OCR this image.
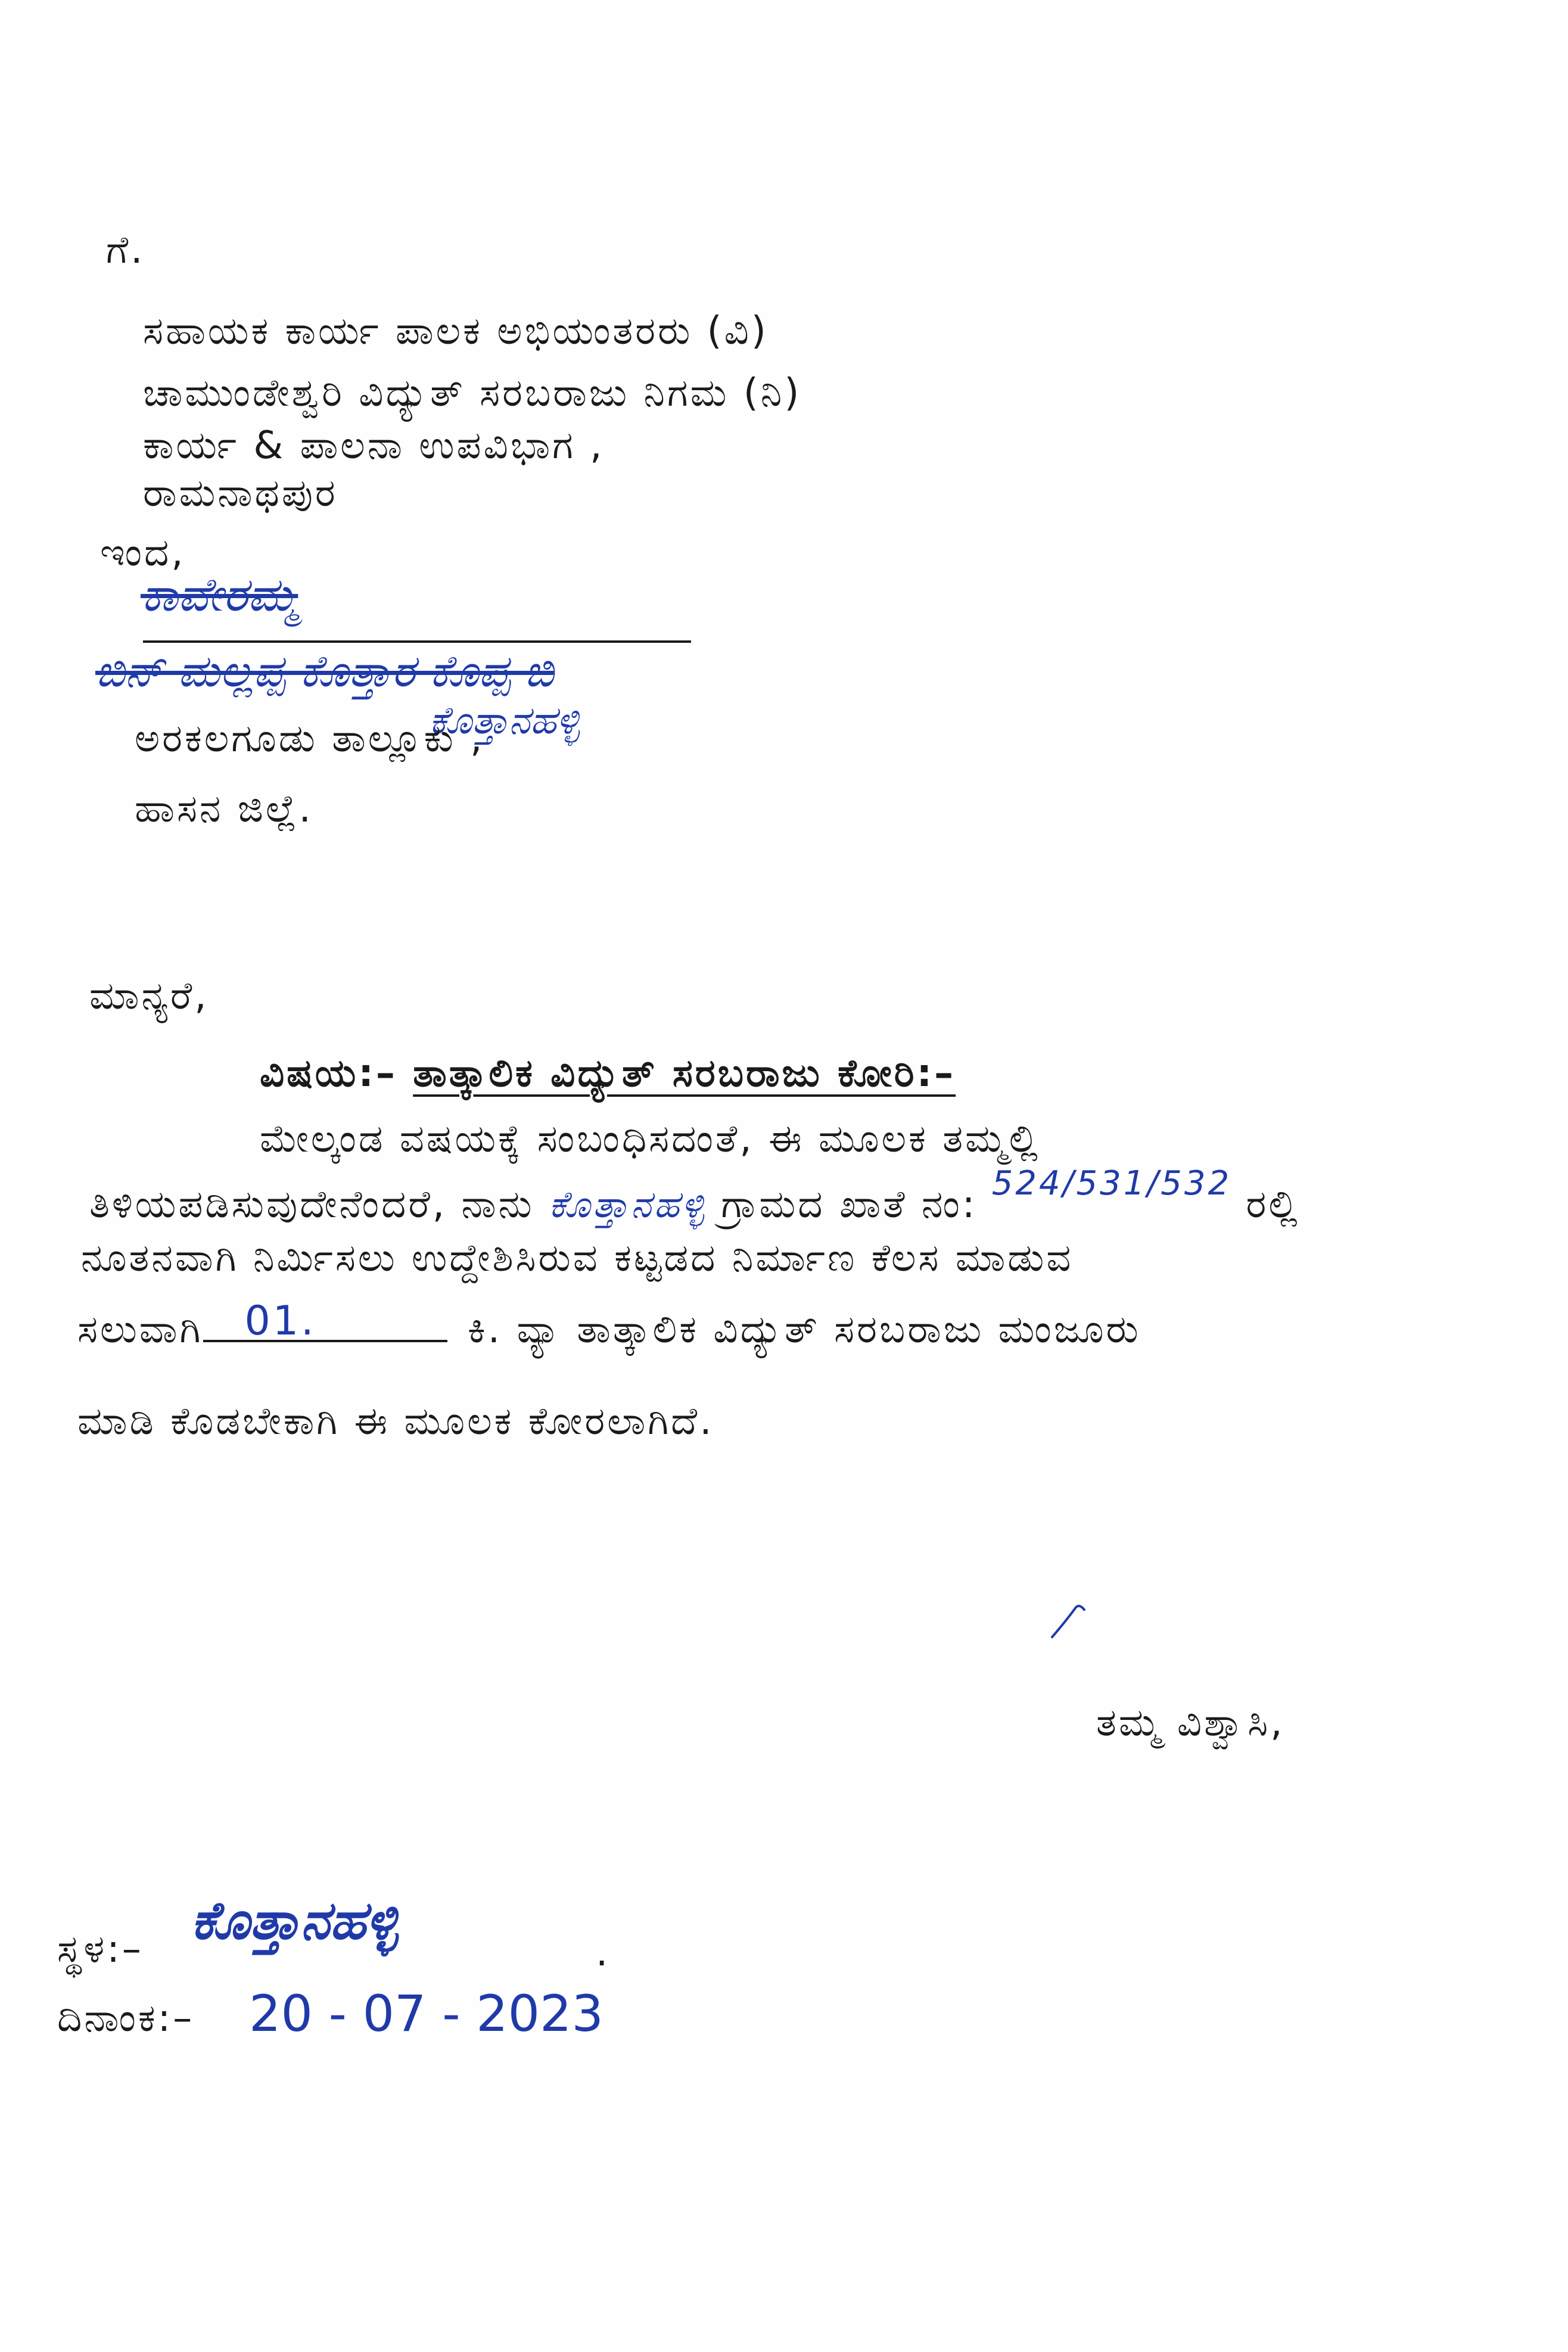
ಗೆ.
ಸಹಾಯಕ ಕಾರ್ಯ ಪಾಲಕ ಅಭಿಯಂತರರು (ವಿ)
ಚಾಮುಂಡೇಶ್ವರಿ ವಿದ್ಯುತ್ ಸರಬರಾಜು ನಿಗಮ (ನಿ)
ಕಾರ್ಯ & ಪಾಲನಾ ಉಪವಿಭಾಗ ,
ರಾಮನಾಥಪುರ
ಇಂದ,
ಕಾವೇರಮ್ಮ
ಬಿನ್ ಮಲ್ಲಪ್ಪ ಕೊತ್ತಾರ ಕೊಪ್ಪ ಬಿ
ಕೊತ್ತಾನಹಳ್ಳಿ
ಅರಕಲಗೂಡು ತಾಲ್ಲೂಕು ,
ಹಾಸನ ಜಿಲ್ಲೆ.
ಮಾನ್ಯರೆ,
ವಿಷಯ:– ತಾತ್ಕಾಲಿಕ ವಿದ್ಯುತ್ ಸರಬರಾಜು ಕೋರಿ:–
ಮೇಲ್ಕಂಡ ವಷಯಕ್ಕೆ ಸಂಬಂಧಿಸದಂತೆ, ಈ ಮೂಲಕ ತಮ್ಮಲ್ಲಿ
ತಿಳಿಯಪಡಿಸುವುದೇನೆಂದರೆ, ನಾನು ಕೊತ್ತಾನಹಳ್ಳಿ ಗ್ರಾಮದ ಖಾತೆ ನಂ: 524/531/532 ರಲ್ಲಿ
ನೂತನವಾಗಿ ನಿರ್ಮಿಸಲು ಉದ್ದೇಶಿಸಿರುವ ಕಟ್ಟಡದ ನಿರ್ಮಾಣ ಕೆಲಸ ಮಾಡುವ
ಸಲುವಾಗಿ 01.	ಕಿ. ವ್ಯಾ ತಾತ್ಕಾಲಿಕ ವಿದ್ಯುತ್ ಸರಬರಾಜು ಮಂಜೂರು
ಮಾಡಿ ಕೊಡಬೇಕಾಗಿ ಈ ಮೂಲಕ ಕೋರಲಾಗಿದೆ.
ತಮ್ಮ ವಿಶ್ವಾಸಿ,
ಸ್ಥಳ:– ಕೊತ್ತಾನಹಳ್ಳಿ
.
ದಿನಾಂಕ:– 20 - 07 - 2023
